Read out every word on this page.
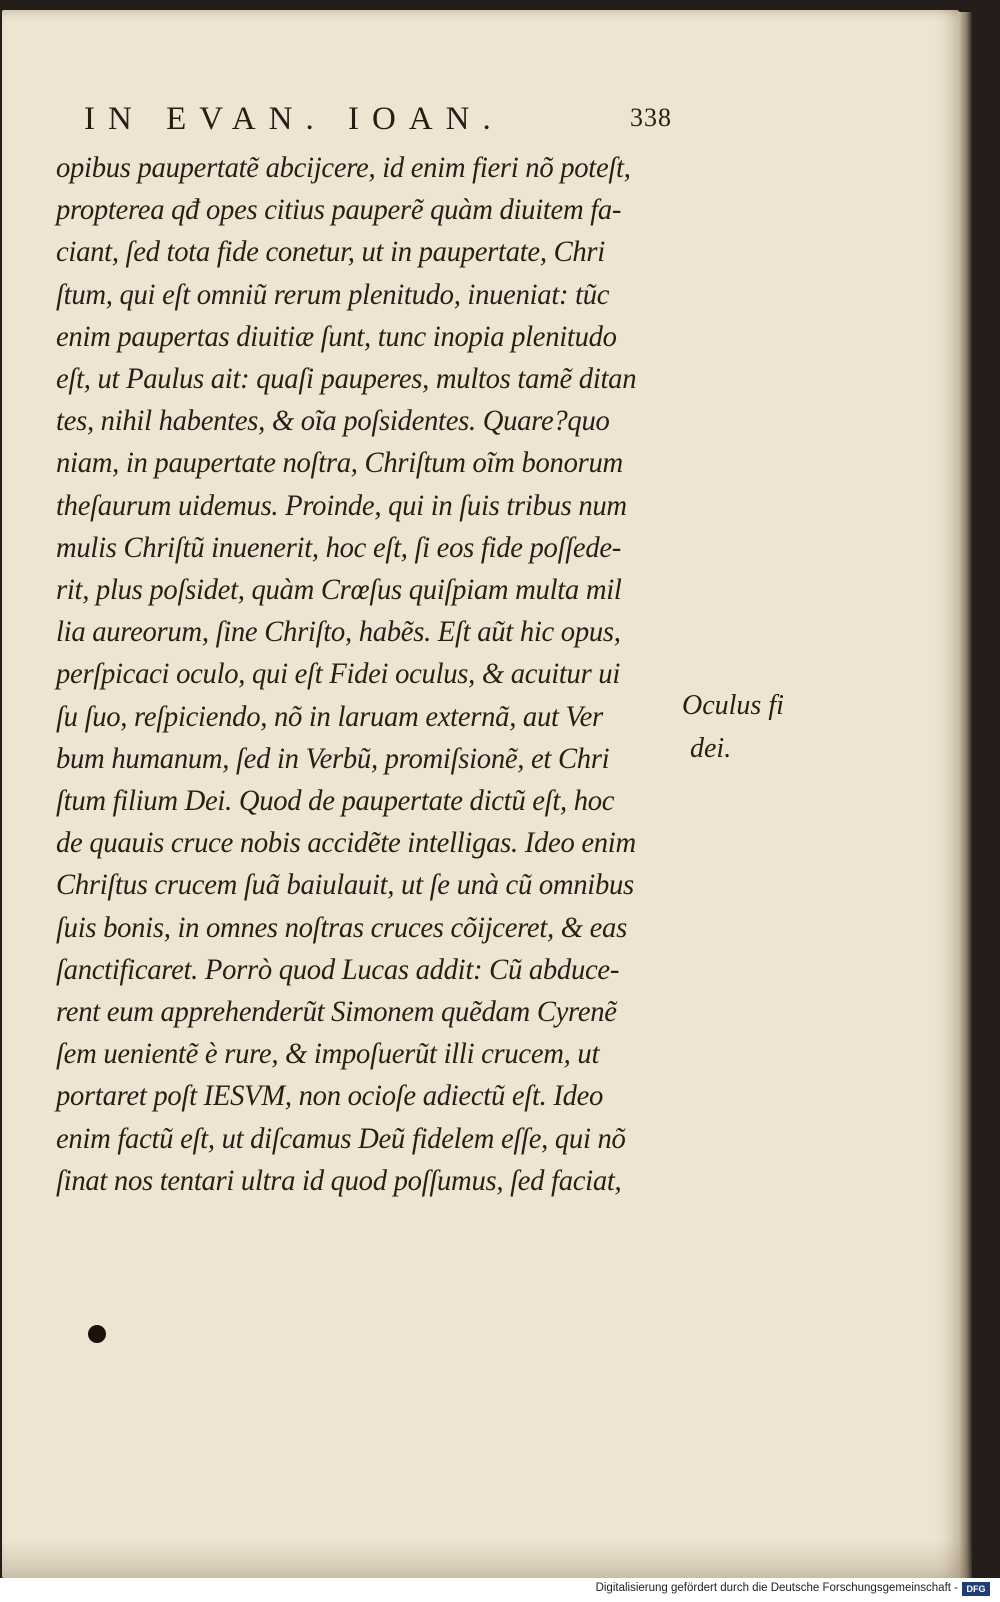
IN EVAN. IOAN.	338
opibus paupertatẽ abcijcere, id enim fieri nõ poteſt,
propterea qđ opes citius pauperẽ quàm diuitem fa-
ciant, ſed tota fide conetur, ut in paupertate, Chri
ſtum, qui eſt omniũ rerum plenitudo, inueniat: tũc
enim paupertas diuitiæ ſunt, tunc inopia plenitudo
eſt, ut Paulus ait: quaſi pauperes, multos tamẽ ditan
tes, nihil habentes, & oĩa poſsidentes. Quare?quo
niam, in paupertate noſtra, Chriſtum oĩm bonorum
theſaurum uidemus. Proinde, qui in ſuis tribus num
mulis Chriſtũ inuenerit, hoc eſt, ſi eos fide poſſede-
rit, plus poſsidet, quàm Crœſus quiſpiam multa mil
lia aureorum, ſine Chriſto, habẽs. Eſt aũt hic opus,
perſpicaci oculo, qui eſt Fidei oculus, & acuitur ui
ſu ſuo, reſpiciendo, nõ in laruam externã, aut Ver
bum humanum, ſed in Verbũ, promiſsionẽ, et Chri
ſtum filium Dei. Quod de paupertate dictũ eſt, hoc
de quauis cruce nobis accidẽte intelligas. Ideo enim
Chriſtus crucem ſuã baiulauit, ut ſe unà cũ omnibus
ſuis bonis, in omnes noſtras cruces cõijceret, & eas
ſanctificaret. Porrò quod Lucas addit: Cũ abduce-
rent eum apprehenderũt Simonem quẽdam Cyrenẽ
ſem uenientẽ è rure, & impoſuerũt illi crucem, ut
portaret poſt IESVM, non ocioſe adiectũ eſt. Ideo
enim factũ eſt, ut diſcamus Deũ fidelem eſſe, qui nõ
ſinat nos tentari ultra id quod poſſumus, ſed faciat,
Oculus fi
dei.
Digitalisierung gefördert durch die Deutsche Forschungsgemeinschaft - DFG
